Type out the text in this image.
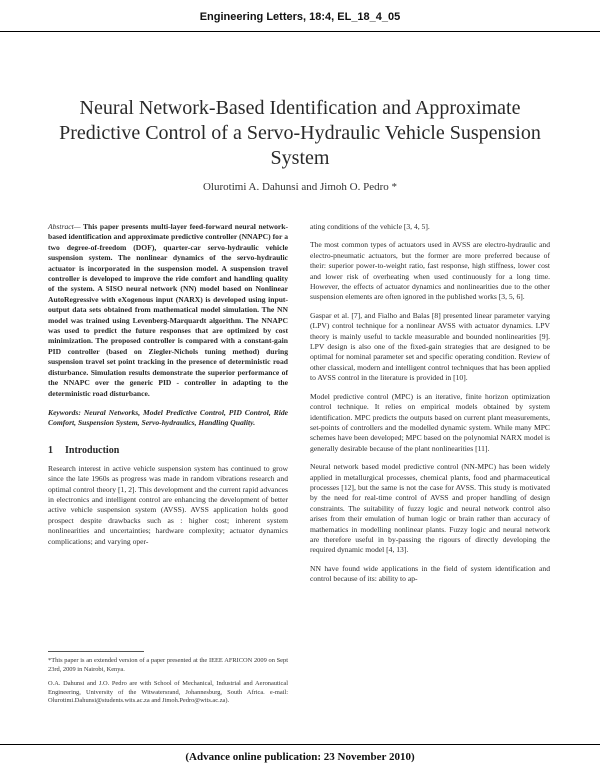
Engineering Letters, 18:4, EL_18_4_05
Neural Network-Based Identification and Approximate Predictive Control of a Servo-Hydraulic Vehicle Suspension System
Olurotimi A. Dahunsi and Jimoh O. Pedro *

Abstract— This paper presents multi-layer feed-forward neural network-based identification and approximate predictive controller (NNAPC) for a two degree-of-freedom (DOF), quarter-car servo-hydraulic vehicle suspension system. The nonlinear dynamics of the servo-hydraulic actuator is incorporated in the suspension model. A suspension travel controller is developed to improve the ride comfort and handling quality of the system. A SISO neural network (NN) model based on Nonlinear AutoRegressive with eXogenous input (NARX) is developed using input-output data sets obtained from mathematical model simulation. The NN model was trained using Levenberg-Marquardt algorithm. The NNAPC was used to predict the future responses that are optimized by cost minimization. The proposed controller is compared with a constant-gain PID controller (based on Ziegler-Nichols tuning method) during suspension travel set point tracking in the presence of deterministic road disturbance. Simulation results demonstrate the superior performance of the NNAPC over the generic PID - controller in adapting to the deterministic road disturbance.

Keywords: Neural Networks, Model Predictive Control, PID Control, Ride Comfort, Suspension System, Servo-hydraulics, Handling Quality.

1 Introduction

Research interest in active vehicle suspension system has continued to grow since the late 1960s as progress was made in random vibrations research and optimal control theory [1, 2]. This development and the current rapid advances in electronics and intelligent control are enhancing the development of better active vehicle suspension system (AVSS). AVSS application holds good prospect despite drawbacks such as : higher cost; inherent system nonlinearities and uncertainties; hardware complexity; actuator dynamics complications; and varying oper-

*This paper is an extended version of a paper presented at the IEEE AFRICON 2009 on Sept 23rd, 2009 in Nairobi, Kenya.

O.A. Dahunsi and J.O. Pedro are with School of Mechanical, Industrial and Aeronautical Engineering, University of the Witwatersrand, Johannesburg, South Africa. e-mail: Olurotimi.Dahunsi@students.wits.ac.za and Jimoh.Pedro@wits.ac.za).

ating conditions of the vehicle [3, 4, 5].

The most common types of actuators used in AVSS are electro-hydraulic and electro-pneumatic actuators, but the former are more preferred because of their: superior power-to-weight ratio, fast response, high stiffness, lower cost and lower risk of overheating when used continuously for a long time. However, the effects of actuator dynamics and nonlinearities due to the other suspension elements are often ignored in the published works [3, 5, 6].

Gaspar et al. [7], and Fialho and Balas [8] presented linear parameter varying (LPV) control technique for a nonlinear AVSS with actuator dynamics. LPV theory is mainly useful to tackle measurable and bounded nonlinearities [9]. LPV design is also one of the fixed-gain strategies that are designed to be optimal for nominal parameter set and specific operating condition. Review of other classical, modern and intelligent control techniques that has been applied to AVSS control in the literature is provided in [10].

Model predictive control (MPC) is an iterative, finite horizon optimization control technique. It relies on empirical models obtained by system identification. MPC predicts the outputs based on current plant measurements, set-points of controllers and the modelled dynamic system. While many MPC schemes have been developed; MPC based on the polynomial NARX model is generally desirable because of the plant nonlinearities [11].

Neural network based model predictive control (NN-MPC) has been widely applied in metallurgical processes, chemical plants, food and pharmaceutical processes [12], but the same is not the case for AVSS. This study is motivated by the need for real-time control of AVSS and proper handling of design constraints. The suitability of fuzzy logic and neural network control also arises from their emulation of human logic or brain rather than accuracy of mathematics in modelling nonlinear plants. Fuzzy logic and neural network are therefore useful in by-passing the rigours of directly developing the required dynamic model [4, 13].

NN have found wide applications in the field of system identification and control because of its: ability to ap-

(Advance online publication: 23 November 2010)
